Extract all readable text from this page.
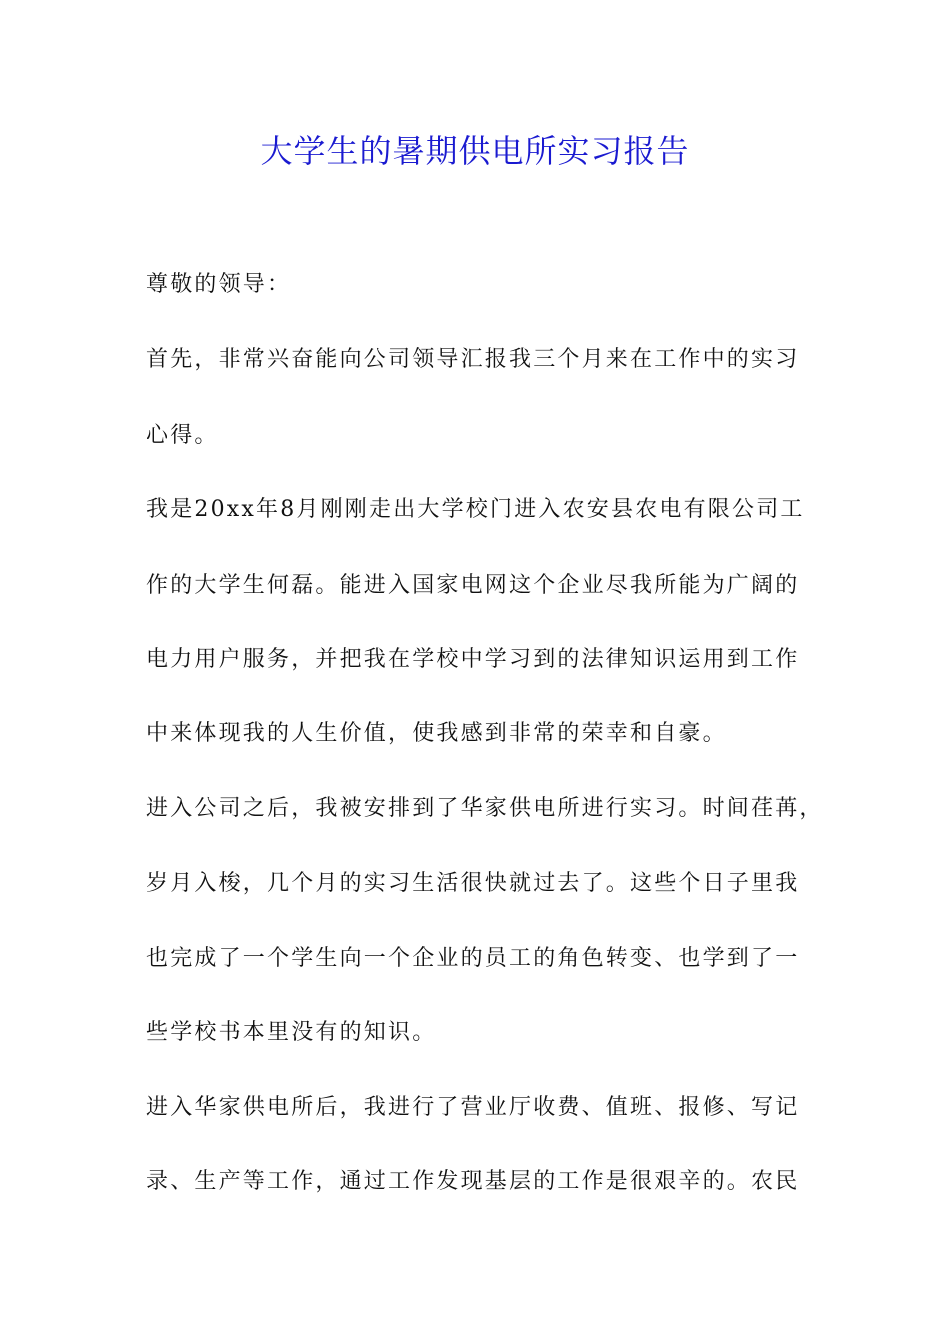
大学生的暑期供电所实习报告

尊敬的领导：

首先，非常兴奋能向公司领导汇报我三个月来在工作中的实习

心得。

我是20xx年8月刚刚走出大学校门进入农安县农电有限公司工

作的大学生何磊。能进入国家电网这个企业尽我所能为广阔的

电力用户服务，并把我在学校中学习到的法律知识运用到工作

中来体现我的人生价值，使我感到非常的荣幸和自豪。

进入公司之后，我被安排到了华家供电所进行实习。时间荏苒，

岁月入梭，几个月的实习生活很快就过去了。这些个日子里我

也完成了一个学生向一个企业的员工的角色转变、也学到了一

些学校书本里没有的知识。

进入华家供电所后，我进行了营业厅收费、值班、报修、写记

录、生产等工作，通过工作发现基层的工作是很艰辛的。农民
